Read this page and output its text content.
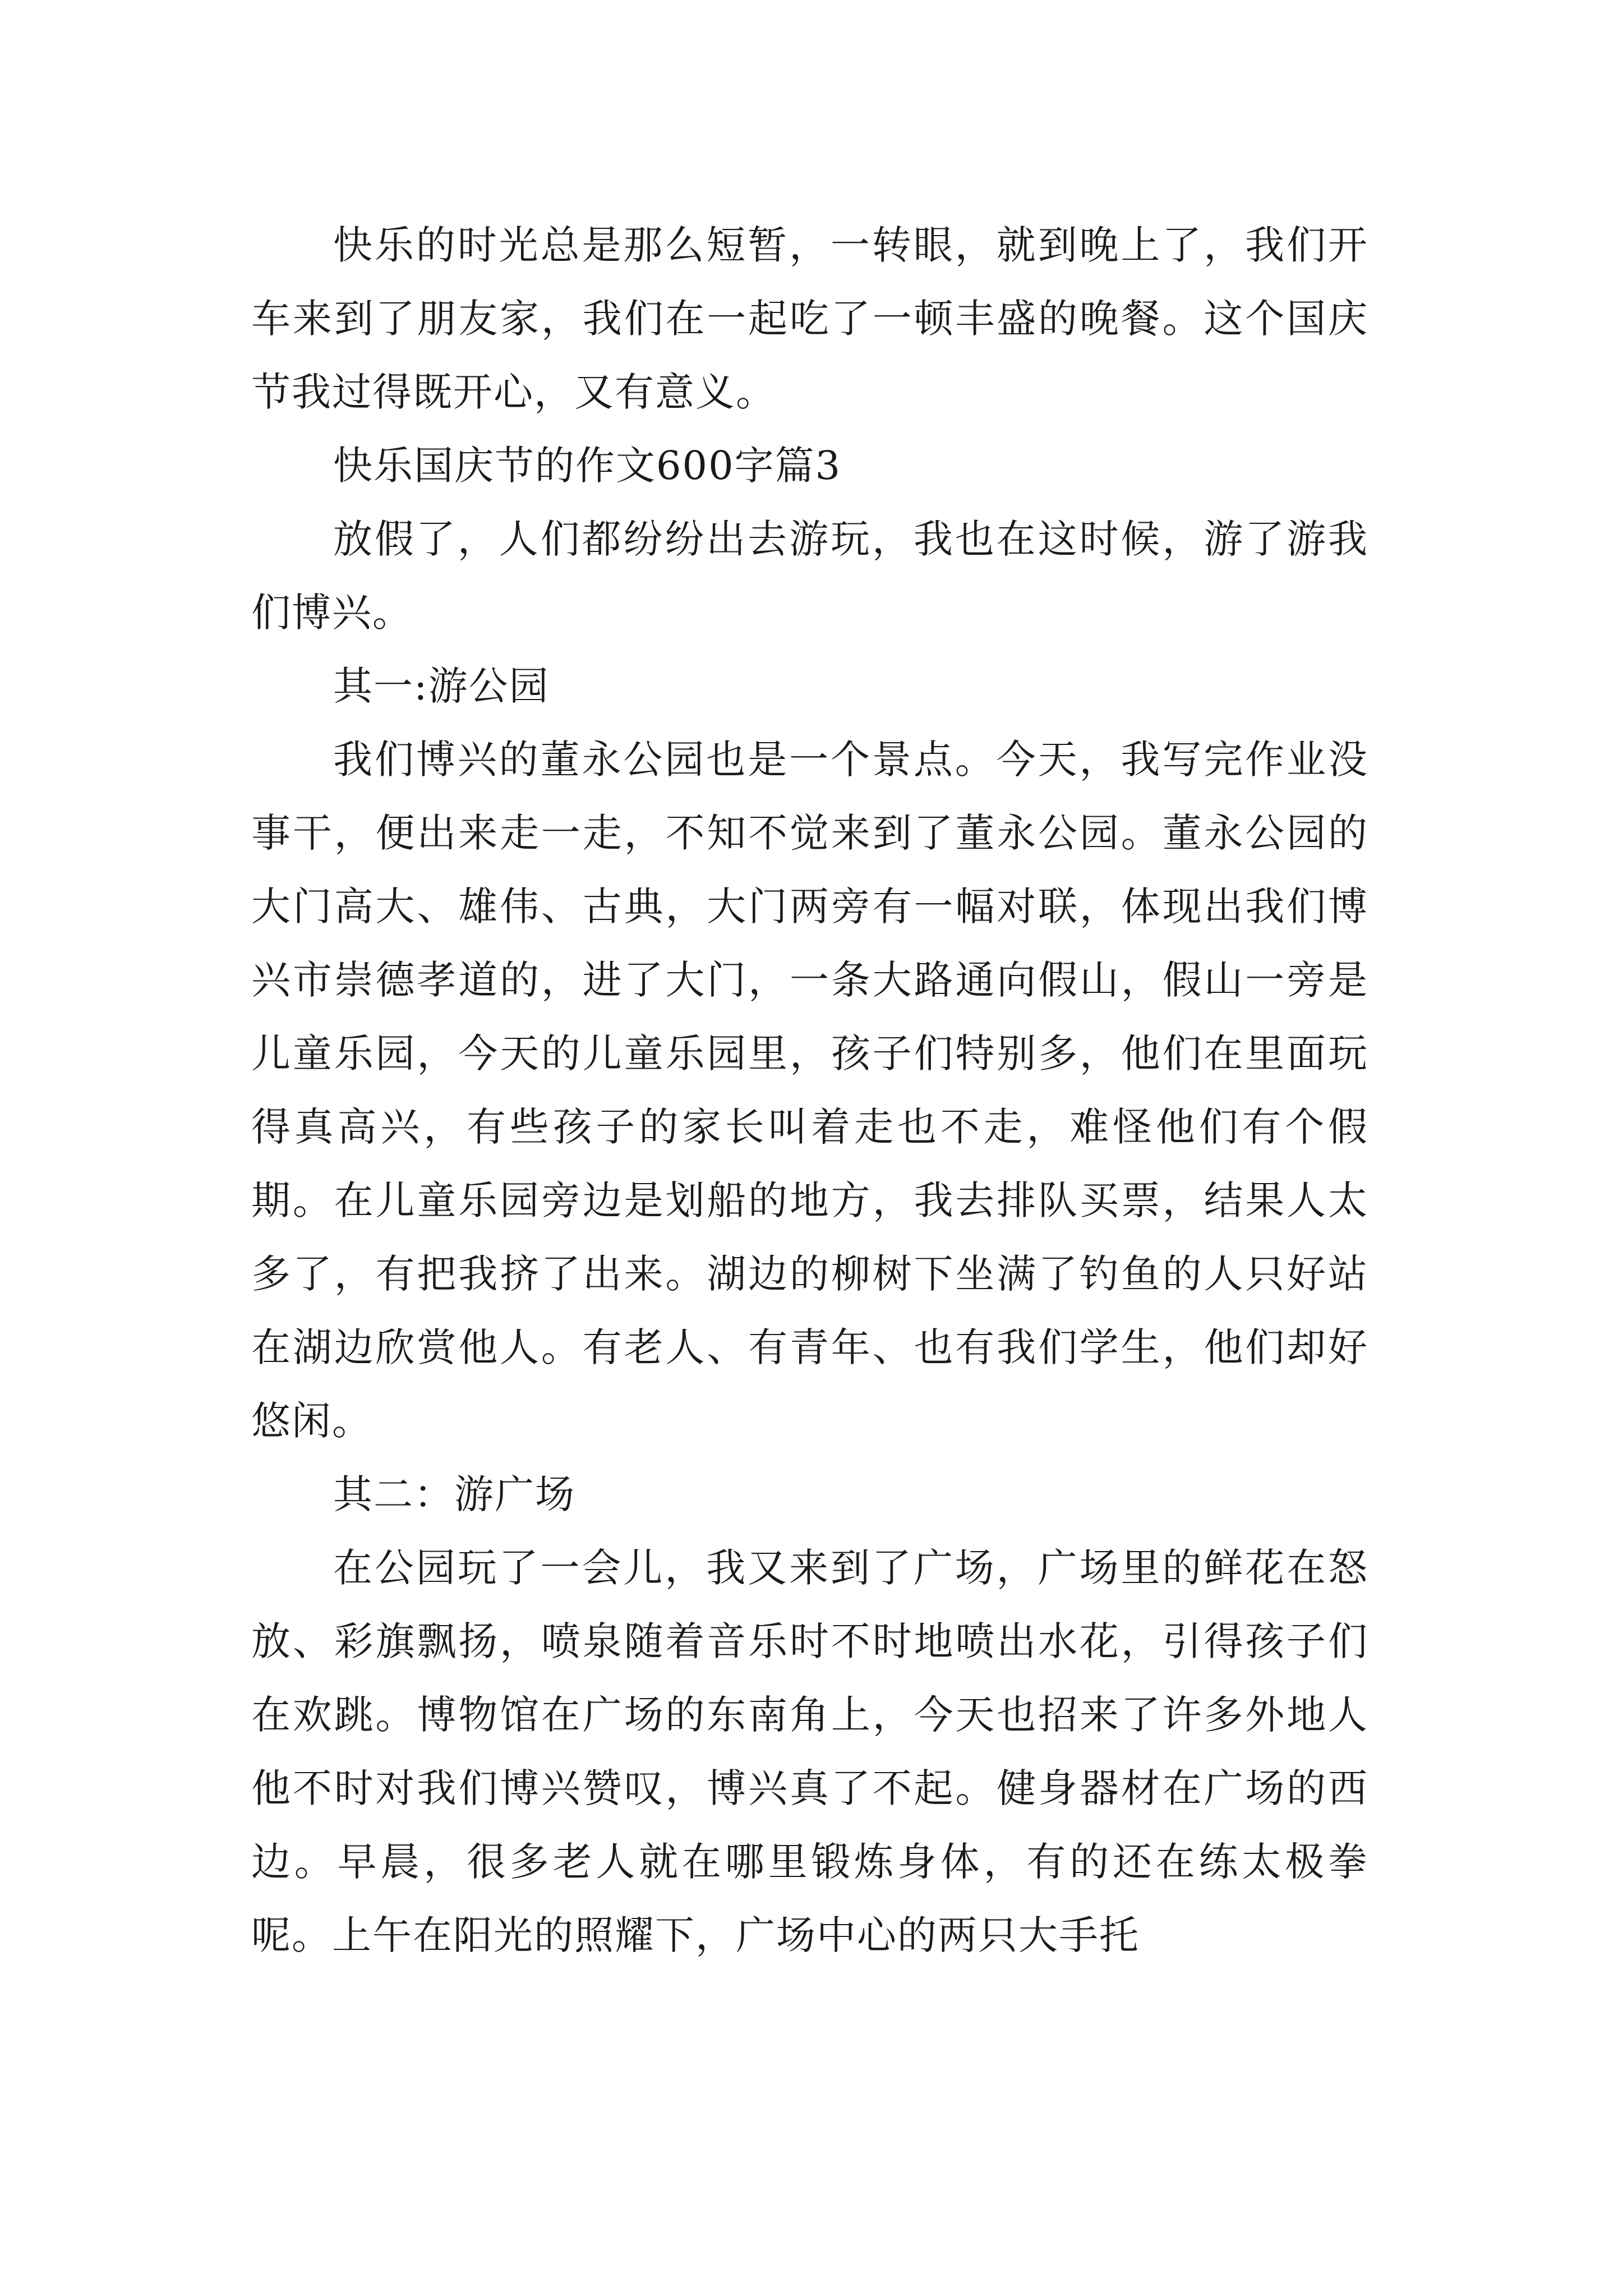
快乐的时光总是那么短暂，一转眼，就到晚上了，我们开车来到了朋友家，我们在一起吃了一顿丰盛的晚餐。这个国庆节我过得既开心，又有意义。

快乐国庆节的作文600字篇3

放假了，人们都纷纷出去游玩，我也在这时候，游了游我们博兴。

其一:游公园

我们博兴的董永公园也是一个景点。今天，我写完作业没事干，便出来走一走，不知不觉来到了董永公园。董永公园的大门高大、雄伟、古典，大门两旁有一幅对联，体现出我们博兴市崇德孝道的，进了大门，一条大路通向假山，假山一旁是儿童乐园，今天的儿童乐园里，孩子们特别多，他们在里面玩得真高兴，有些孩子的家长叫着走也不走，难怪他们有个假期。在儿童乐园旁边是划船的地方，我去排队买票，结果人太多了，有把我挤了出来。湖边的柳树下坐满了钓鱼的人只好站在湖边欣赏他人。有老人、有青年、也有我们学生，他们却好悠闲。

其二：游广场

在公园玩了一会儿，我又来到了广场，广场里的鲜花在怒放、彩旗飘扬，喷泉随着音乐时不时地喷出水花，引得孩子们在欢跳。博物馆在广场的东南角上，今天也招来了许多外地人他不时对我们博兴赞叹，博兴真了不起。健身器材在广场的西边。早晨，很多老人就在哪里锻炼身体，有的还在练太极拳呢。上午在阳光的照耀下，广场中心的两只大手托
